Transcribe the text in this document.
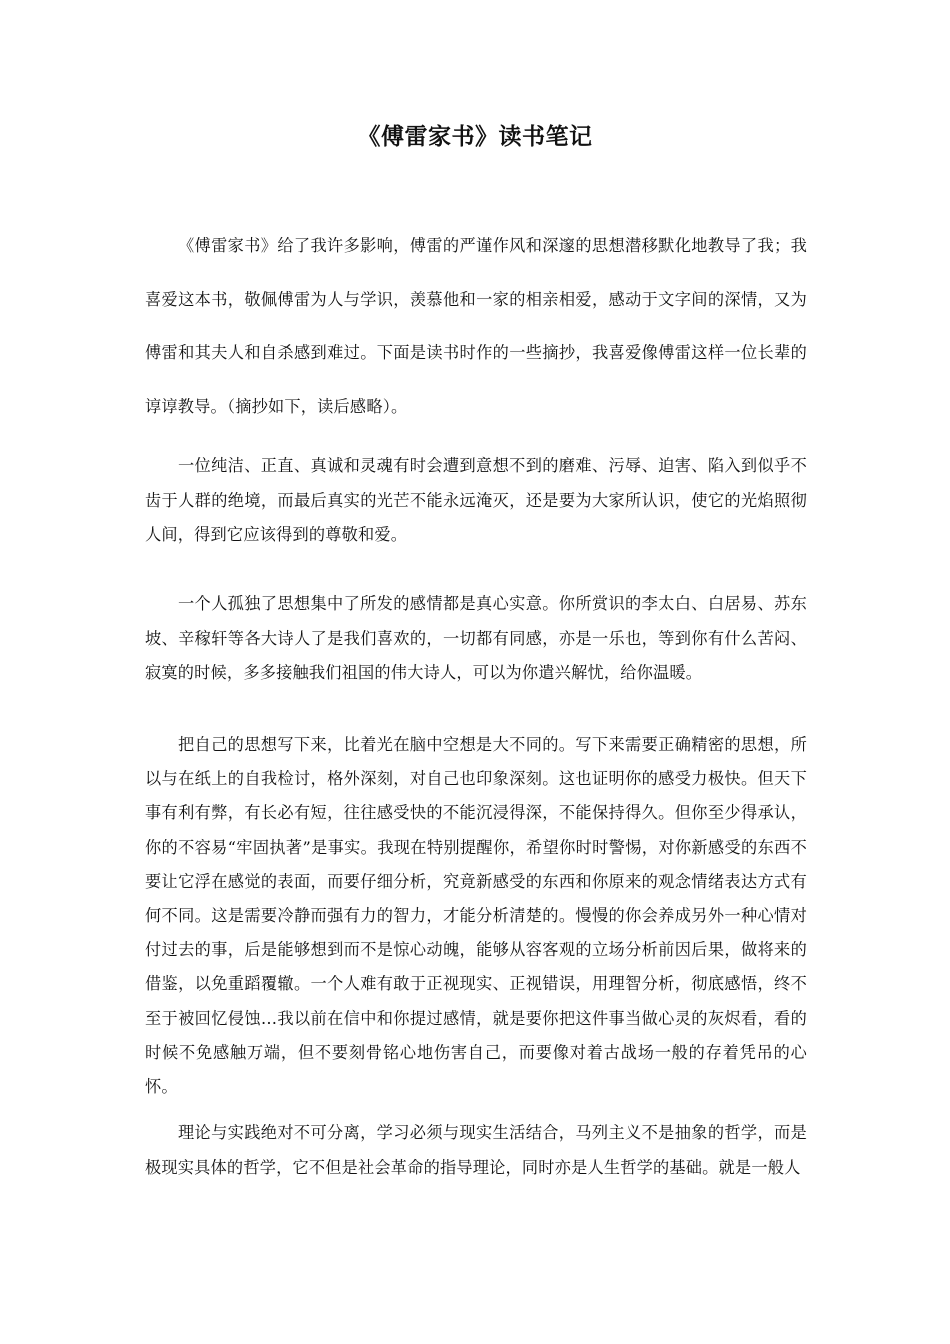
《傅雷家书》读书笔记

《傅雷家书》给了我许多影响，傅雷的严谨作风和深邃的思想潜移默化地教导了我；我喜爱这本书，敬佩傅雷为人与学识，羡慕他和一家的相亲相爱，感动于文字间的深情，又为傅雷和其夫人和自杀感到难过。下面是读书时作的一些摘抄，我喜爱像傅雷这样一位长辈的谆谆教导。（摘抄如下，读后感略）。

一位纯洁、正直、真诚和灵魂有时会遭到意想不到的磨难、污辱、迫害、陷入到似乎不齿于人群的绝境，而最后真实的光芒不能永远淹灭，还是要为大家所认识，使它的光焰照彻人间，得到它应该得到的尊敬和爱。

一个人孤独了思想集中了所发的感情都是真心实意。你所赏识的李太白、白居易、苏东坡、辛稼轩等各大诗人了是我们喜欢的，一切都有同感，亦是一乐也，等到你有什么苦闷、寂寞的时候，多多接触我们祖国的伟大诗人，可以为你遣兴解忧，给你温暖。

把自己的思想写下来，比着光在脑中空想是大不同的。写下来需要正确精密的思想，所以与在纸上的自我检讨，格外深刻，对自己也印象深刻。这也证明你的感受力极快。但天下事有利有弊，有长必有短，往往感受快的不能沉浸得深，不能保持得久。但你至少得承认，你的不容易“牢固执著”是事实。我现在特别提醒你，希望你时时警惕，对你新感受的东西不要让它浮在感觉的表面，而要仔细分析，究竟新感受的东西和你原来的观念情绪表达方式有何不同。这是需要冷静而强有力的智力，才能分析清楚的。慢慢的你会养成另外一种心情对付过去的事，后是能够想到而不是惊心动魄，能够从容客观的立场分析前因后果，做将来的借鉴，以免重蹈覆辙。一个人难有敢于正视现实、正视错误，用理智分析，彻底感悟，终不至于被回忆侵蚀…我以前在信中和你提过感情，就是要你把这件事当做心灵的灰烬看，看的时候不免感触万端，但不要刻骨铭心地伤害自己，而要像对着古战场一般的存着凭吊的心怀。

理论与实践绝对不可分离，学习必须与现实生活结合，马列主义不是抽象的哲学，而是极现实具体的哲学，它不但是社会革命的指导理论，同时亦是人生哲学的基础。就是一般人
